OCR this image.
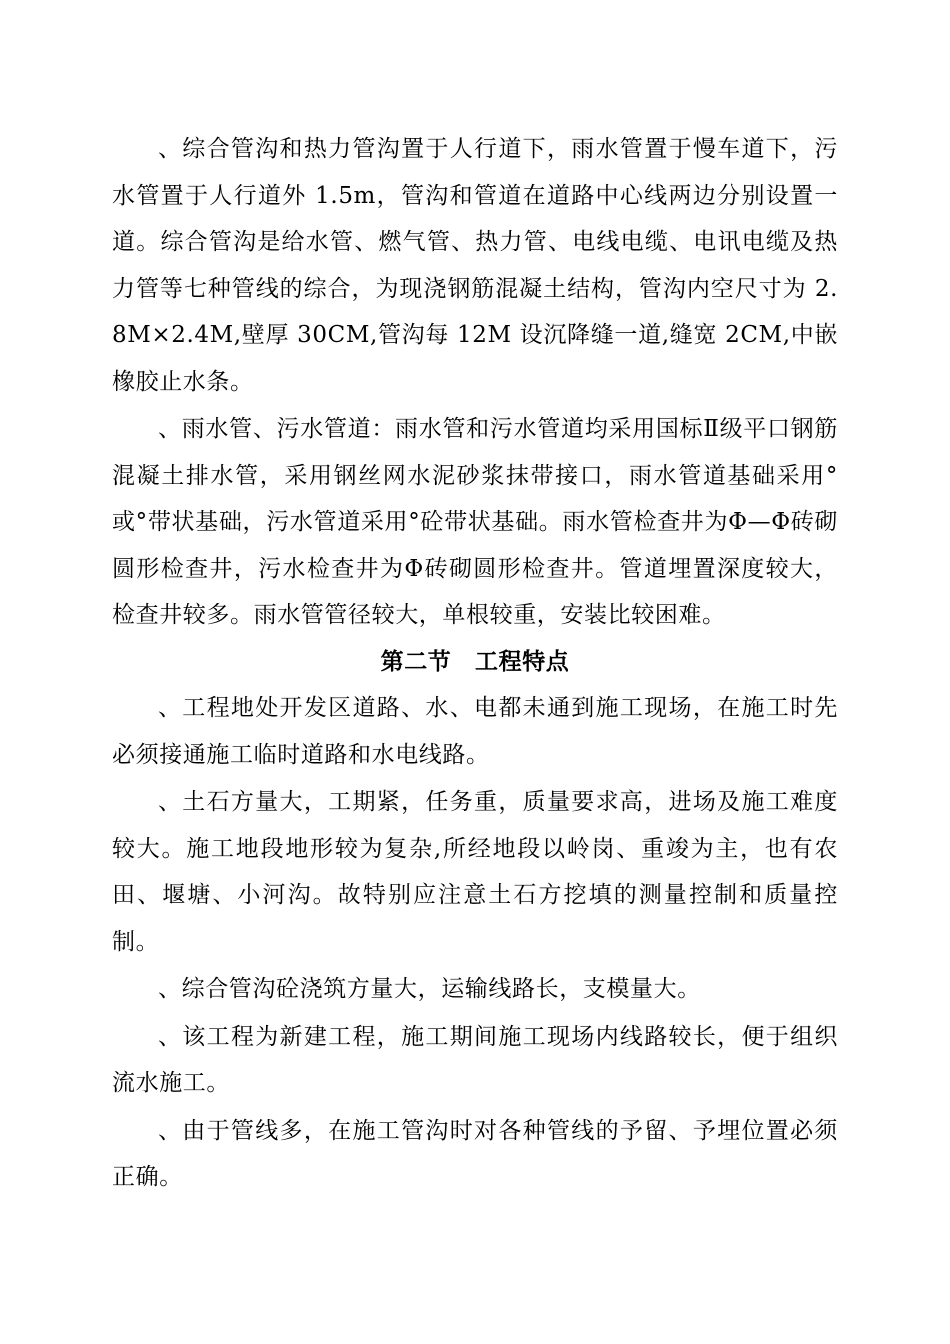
、综合管沟和热力管沟置于人行道下，雨水管置于慢车道下，污水管置于人行道外 1.5m，管沟和管道在道路中心线两边分别设置一道。综合管沟是给水管、燃气管、热力管、电线电缆、电讯电缆及热力管等七种管线的综合，为现浇钢筋混凝土结构，管沟内空尺寸为 2.8M×2.4M,壁厚 30CM,管沟每 12M 设沉降缝一道,缝宽 2CM,中嵌橡胶止水条。

、雨水管、污水管道：雨水管和污水管道均采用国标Ⅱ级平口钢筋混凝土排水管，采用钢丝网水泥砂浆抹带接口，雨水管道基础采用°或°带状基础，污水管道采用°砼带状基础。雨水管检查井为Φ—Φ砖砌圆形检查井，污水检查井为Φ砖砌圆形检查井。管道埋置深度较大，检查井较多。雨水管管径较大，单根较重，安装比较困难。

第二节　工程特点

、工程地处开发区道路、水、电都未通到施工现场，在施工时先必须接通施工临时道路和水电线路。

、土石方量大，工期紧，任务重，质量要求高，进场及施工难度较大。施工地段地形较为复杂,所经地段以岭岗、重竣为主，也有农田、堰塘、小河沟。故特别应注意土石方挖填的测量控制和质量控制。

、综合管沟砼浇筑方量大，运输线路长，支模量大。

、该工程为新建工程，施工期间施工现场内线路较长，便于组织流水施工。

、由于管线多，在施工管沟时对各种管线的予留、予埋位置必须正确。
